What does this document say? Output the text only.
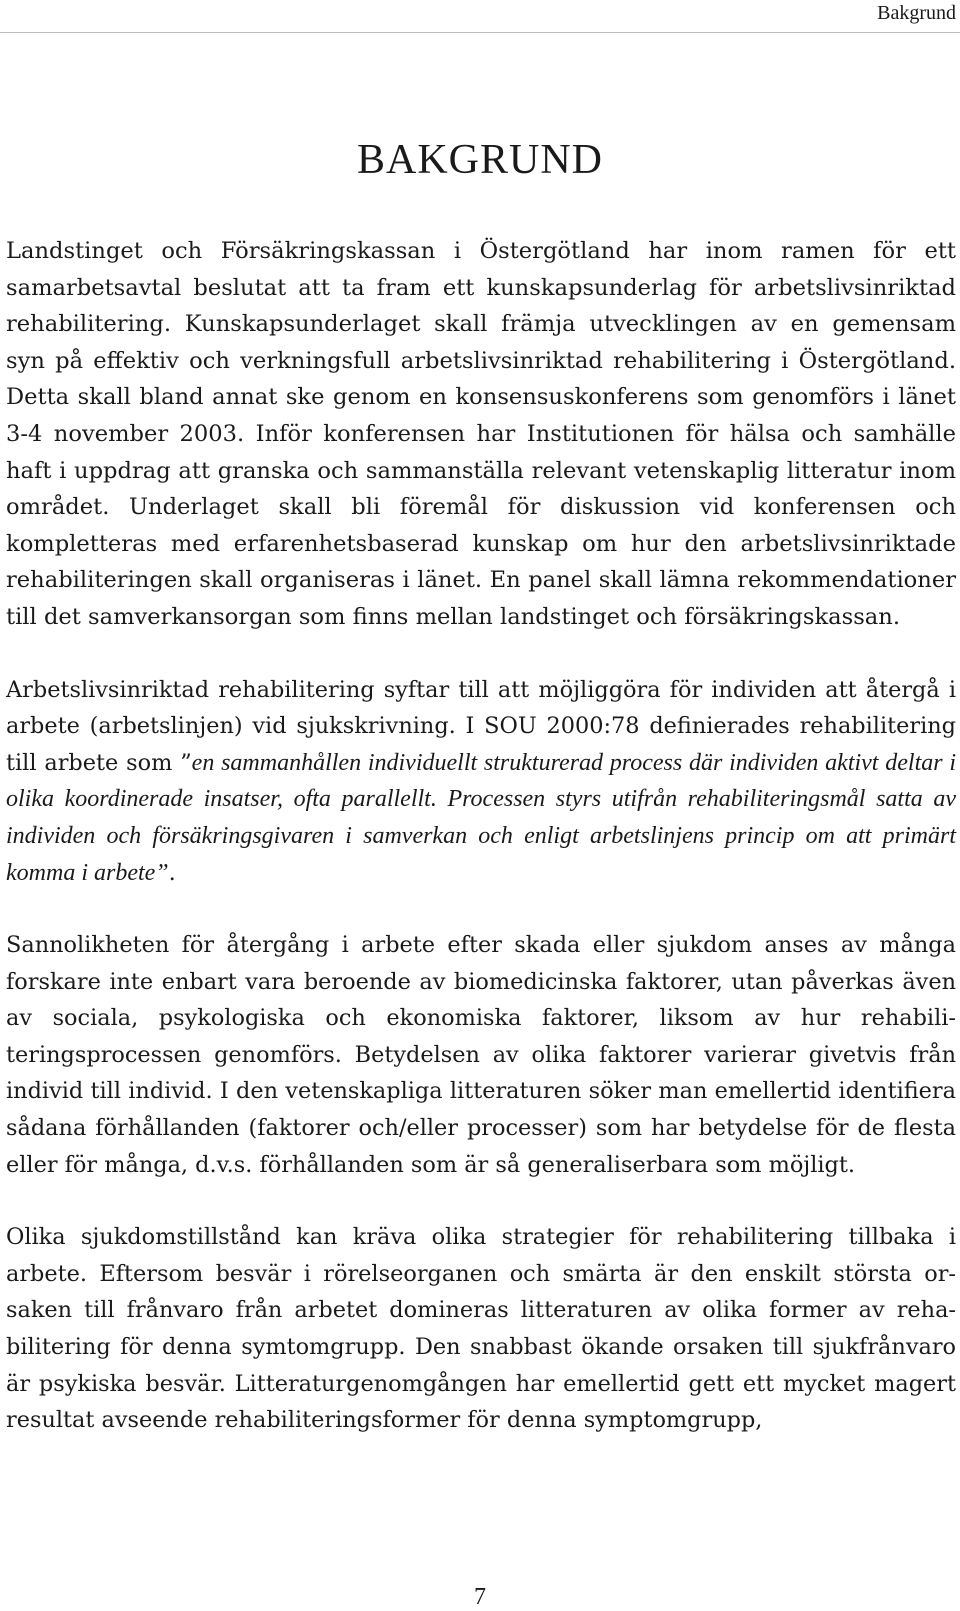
Bakgrund
BAKGRUND

Landstinget och Försäkringskassan i Östergötland har inom ramen för ett samarbetsavtal beslutat att ta fram ett kunskapsunderlag för arbetslivsinriktad rehabilitering. Kunskapsunderlaget skall främja utvecklingen av en gemensam syn på effektiv och verkningsfull arbetslivsinriktad rehabilitering i Östergötland. Detta skall bland annat ske genom en konsensuskonferens som genomförs i länet 3-4 november 2003. Inför konferensen har Institutionen för hälsa och samhälle haft i uppdrag att granska och sammanställa relevant vetenskaplig litteratur inom området. Underlaget skall bli föremål för diskussion vid konferensen och kompletteras med erfarenhetsbaserad kunskap om hur den arbetslivsinriktade rehabiliteringen skall organiseras i länet. En panel skall lämna rekommendationer till det samverkansorgan som finns mellan landstinget och försäkringskassan.

Arbetslivsinriktad rehabilitering syftar till att möjliggöra för individen att återgå i arbete (arbetslinjen) vid sjukskrivning. I SOU 2000:78 definierades rehabilitering till arbete som ”en sammanhållen individuellt strukturerad process där individen aktivt deltar i olika koordinerade insatser, ofta parallellt. Processen styrs utifrån rehabiliteringsmål satta av individen och försäkringsgivaren i samverkan och enligt arbetslinjens princip om att primärt komma i arbete”.

Sannolikheten för återgång i arbete efter skada eller sjukdom anses av många forskare inte enbart vara beroende av biomedicinska faktorer, utan påverkas även av sociala, psykologiska och ekonomiska faktorer, liksom av hur rehabiliteringsprocessen genomförs. Betydelsen av olika faktorer varierar givetvis från individ till individ. I den vetenskapliga litteraturen söker man emellertid identifiera sådana förhållanden (faktorer och/eller processer) som har betydelse för de flesta eller för många, d.v.s. förhållanden som är så generaliserbara som möjligt.

Olika sjukdomstillstånd kan kräva olika strategier för rehabilitering tillbaka i arbete. Eftersom besvär i rörelseorganen och smärta är den enskilt största orsaken till frånvaro från arbetet domineras litteraturen av olika former av rehabilitering för denna symtomgrupp. Den snabbast ökande orsaken till sjukfrånvaro är psykiska besvär. Litteraturgenomgången har emellertid gett ett mycket magert resultat avseende rehabiliteringsformer för denna symptomgrupp,

7
